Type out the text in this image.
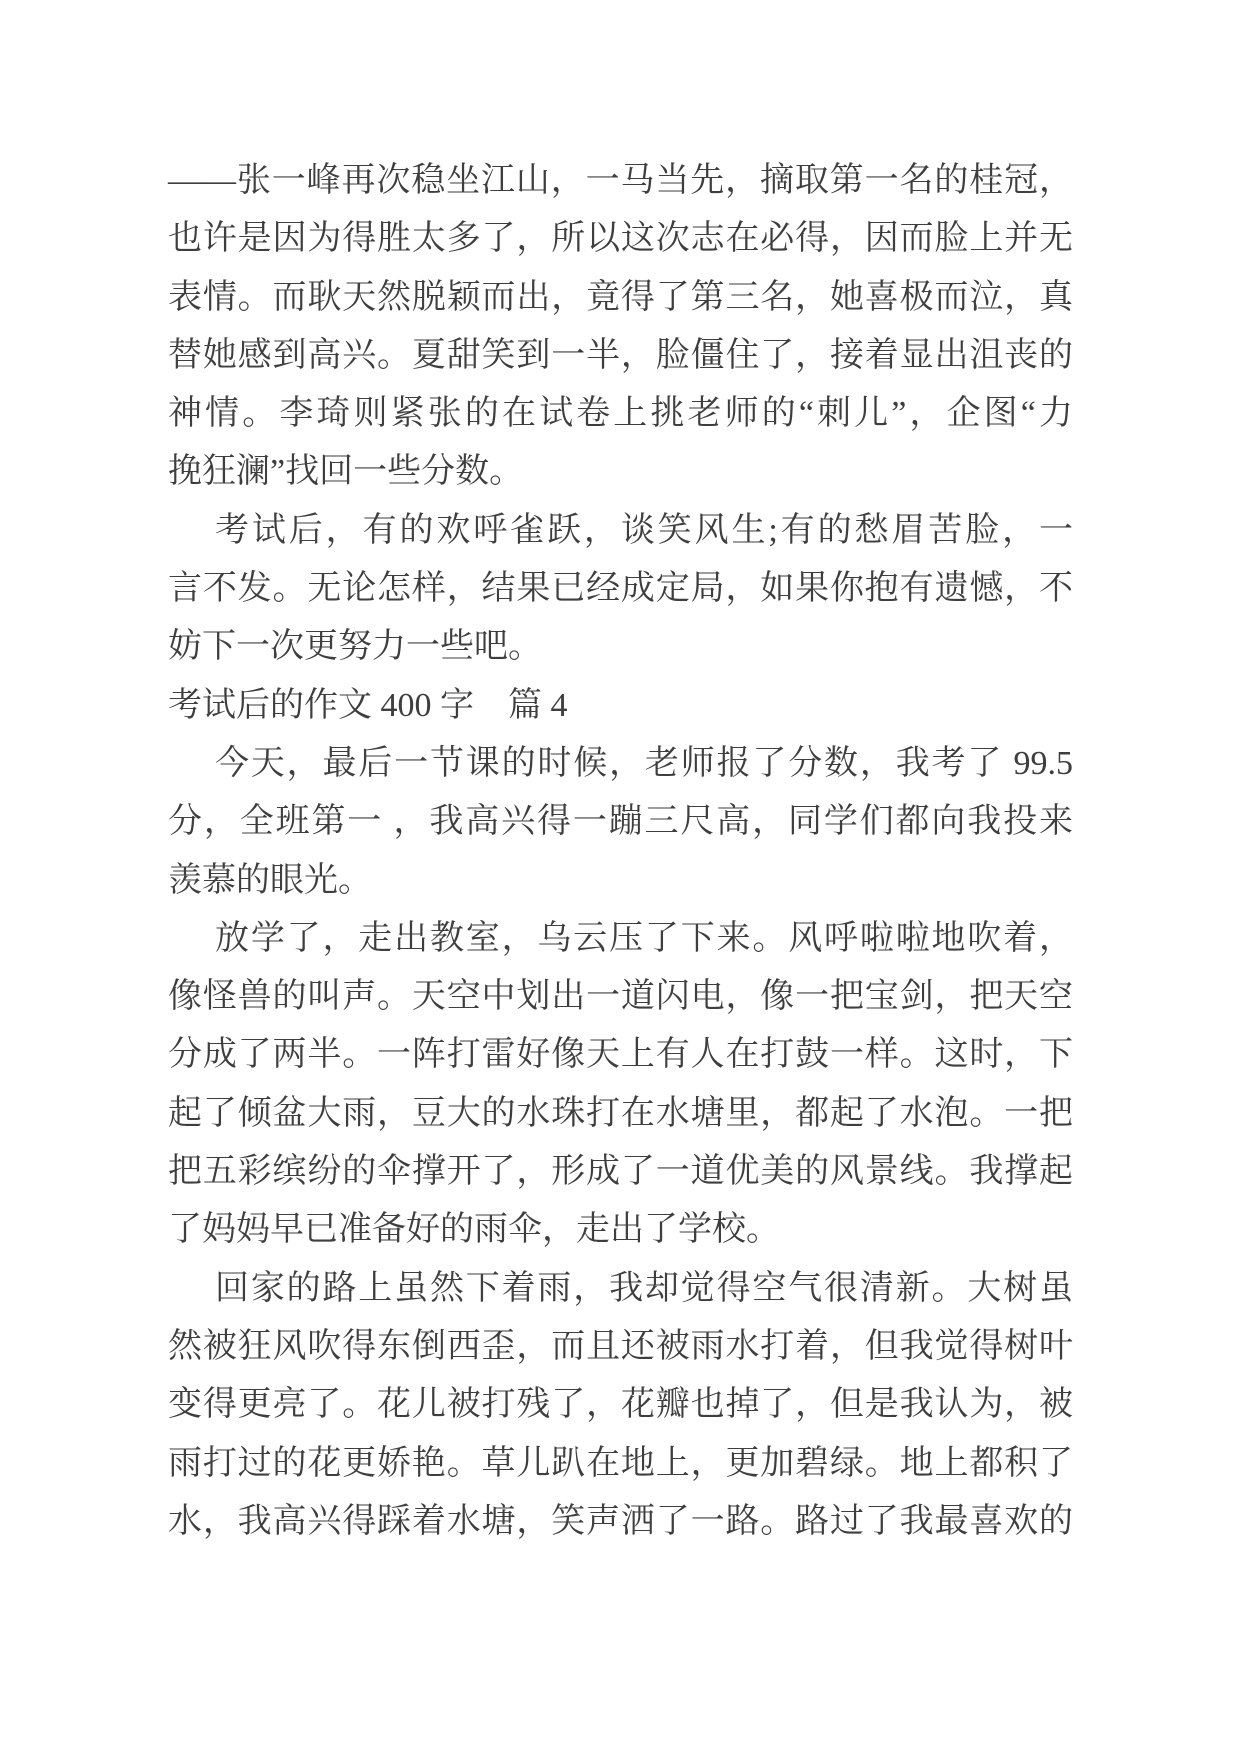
——张一峰再次稳坐江山，一马当先，摘取第一名的桂冠，
也许是因为得胜太多了，所以这次志在必得，因而脸上并无
表情。而耿天然脱颖而出，竟得了第三名，她喜极而泣，真
替她感到高兴。夏甜笑到一半，脸僵住了，接着显出沮丧的
神情。李琦则紧张的在试卷上挑老师的“刺儿”，企图“力
挽狂澜”找回一些分数。
考试后，有的欢呼雀跃，谈笑风生;有的愁眉苦脸，一
言不发。无论怎样，结果已经成定局，如果你抱有遗憾，不
妨下一次更努力一些吧。
考试后的作文 400 字　篇 4
今天，最后一节课的时候，老师报了分数，我考了 99.5
分，全班第一 ，我高兴得一蹦三尺高，同学们都向我投来
羡慕的眼光。
放学了，走出教室，乌云压了下来。风呼啦啦地吹着，
像怪兽的叫声。天空中划出一道闪电，像一把宝剑，把天空
分成了两半。一阵打雷好像天上有人在打鼓一样。这时，下
起了倾盆大雨，豆大的水珠打在水塘里，都起了水泡。一把
把五彩缤纷的伞撑开了，形成了一道优美的风景线。我撑起
了妈妈早已准备好的雨伞，走出了学校。
回家的路上虽然下着雨，我却觉得空气很清新。大树虽
然被狂风吹得东倒西歪，而且还被雨水打着，但我觉得树叶
变得更亮了。花儿被打残了，花瓣也掉了，但是我认为，被
雨打过的花更娇艳。草儿趴在地上，更加碧绿。地上都积了
水，我高兴得踩着水塘，笑声洒了一路。路过了我最喜欢的
